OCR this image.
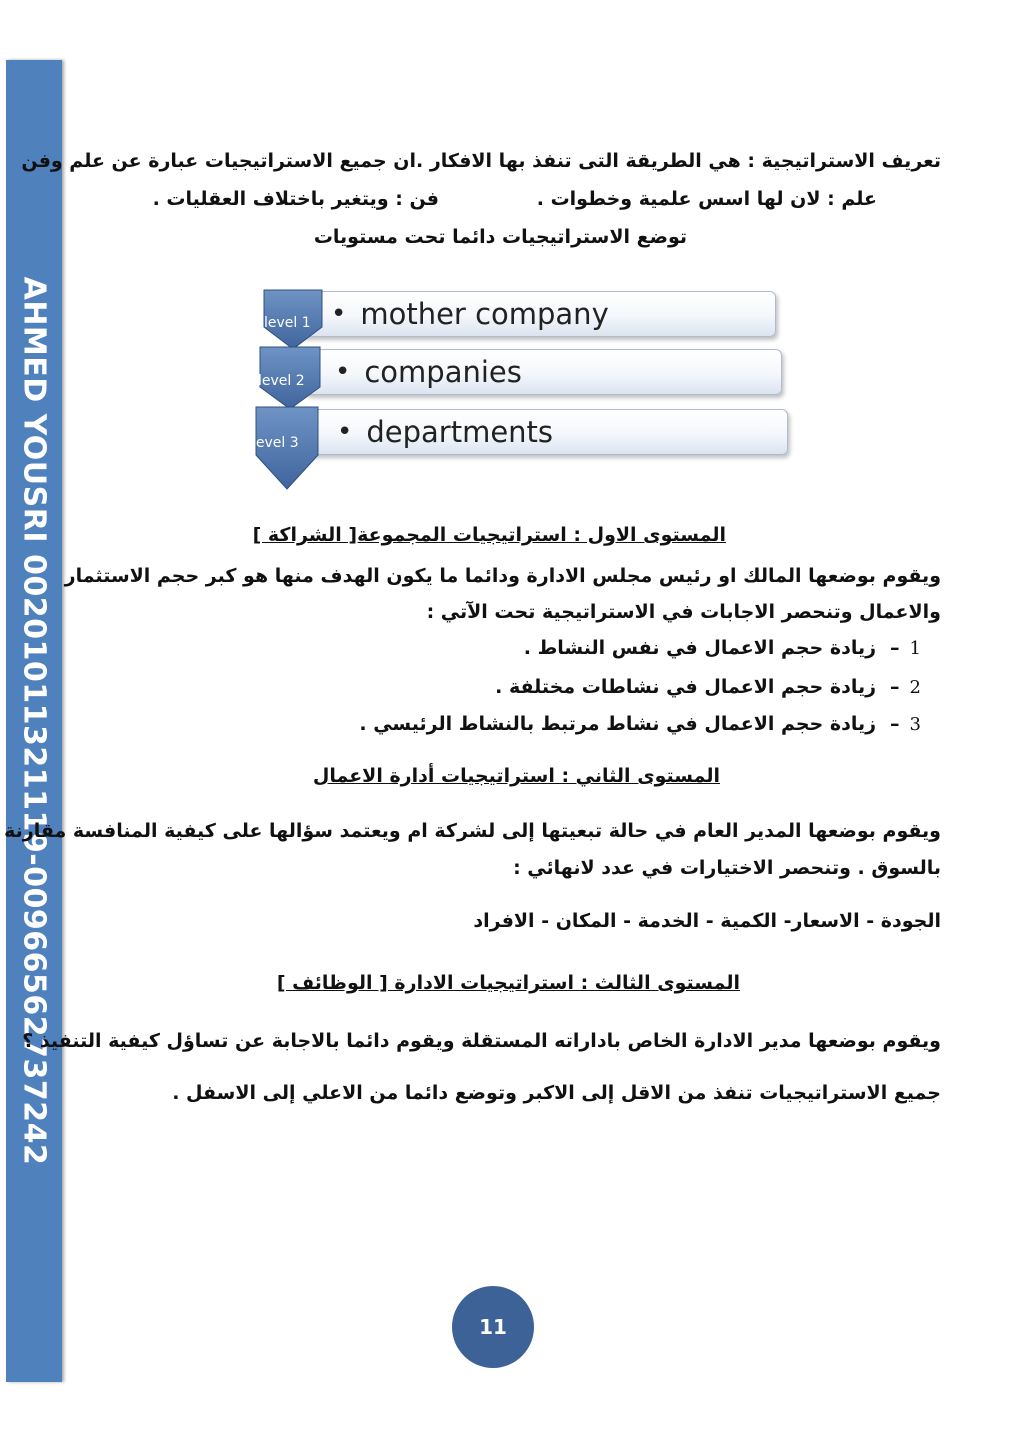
AHMED YOUSRI 00201011321119-00966562737242
تعريف الاستراتيجية : هي الطريقة التى تنفذ بها الافكار .ان جميع الاستراتيجيات عبارة عن علم وفن
علم : لان لها اسس علمية وخطوات .
فن : ويتغير باختلاف العقليات .
توضع الاستراتيجيات دائما تحت مستويات
• mother company
• companies
• departments
level 1
level 2
level 3
المستوى الاول : استراتيجيات المجموعة[ الشراكة ]
ويقوم بوضعها المالك او رئيس مجلس الادارة ودائما ما يكون الهدف منها هو كبر حجم الاستثمار
والاعمال وتنحصر الاجابات في الاستراتيجية تحت الآتي :
1–زيادة حجم الاعمال في نفس النشاط .
2–زيادة حجم الاعمال في نشاطات مختلفة .
3–زيادة حجم الاعمال في نشاط مرتبط بالنشاط الرئيسي .
المستوى الثاني : استراتيجيات أدارة الاعمال
ويقوم بوضعها المدير العام في حالة تبعيتها إلى لشركة ام ويعتمد سؤالها على كيفية المنافسة مقارنة
بالسوق . وتنحصر الاختيارات في عدد لانهائي :
الجودة - الاسعار- الكمية - الخدمة - المكان - الافراد
المستوى الثالث : استراتيجيات الادارة [ الوظائف ]
ويقوم بوضعها مدير الادارة الخاص باداراته المستقلة ويقوم دائما بالاجابة عن تساؤل كيفية التنفيذ ؟
جميع الاستراتيجيات تنفذ من الاقل إلى الاكبر وتوضع دائما من الاعلي إلى الاسفل .
11
